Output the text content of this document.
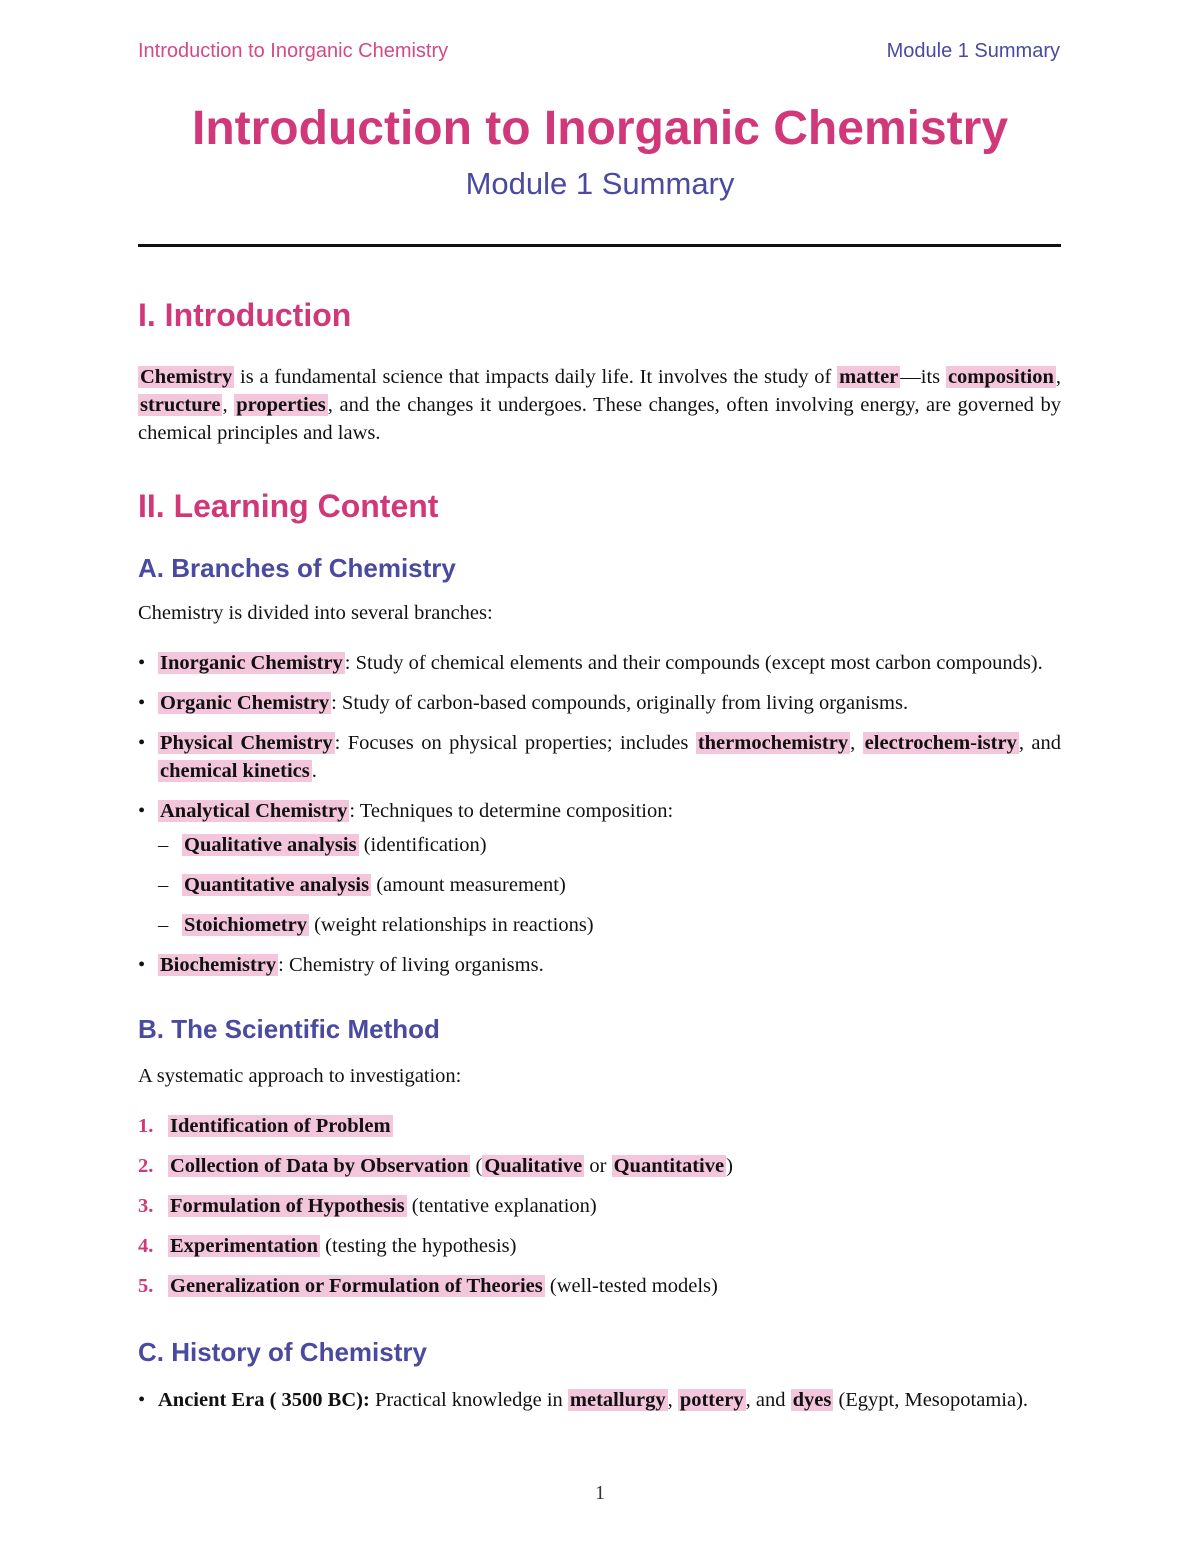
Introduction to Inorganic Chemistry	Module 1 Summary
Introduction to Inorganic Chemistry
Module 1 Summary
I. Introduction

Chemistry is a fundamental science that impacts daily life. It involves the study of matter—its composition, structure, properties, and the changes it undergoes. These changes, often involving energy, are governed by chemical principles and laws.

II. Learning Content
A. Branches of Chemistry

Chemistry is divided into several branches:

• Inorganic Chemistry: Study of chemical elements and their compounds (except most carbon compounds).
• Organic Chemistry: Study of carbon-based compounds, originally from living organisms.
• Physical Chemistry: Focuses on physical properties; includes thermochemistry, electrochem-istry, and chemical kinetics.
• Analytical Chemistry: Techniques to determine composition:
– Qualitative analysis (identification)
– Quantitative analysis (amount measurement)
– Stoichiometry (weight relationships in reactions)
• Biochemistry: Chemistry of living organisms.
B. The Scientific Method

A systematic approach to investigation:

1. Identification of Problem
2. Collection of Data by Observation (Qualitative or Quantitative)
3. Formulation of Hypothesis (tentative explanation)
4. Experimentation (testing the hypothesis)
5. Generalization or Formulation of Theories (well-tested models)
C. History of Chemistry
• Ancient Era ( 3500 BC): Practical knowledge in metallurgy, pottery, and dyes (Egypt, Mesopotamia).
1
